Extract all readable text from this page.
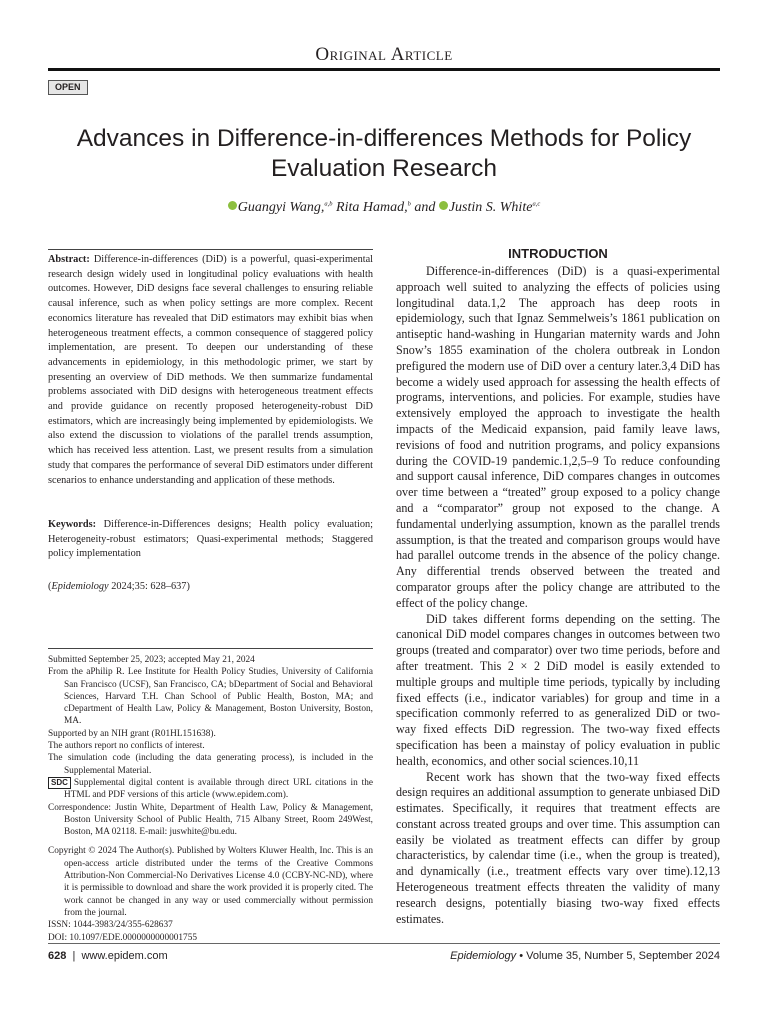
Original Article
OPEN
Advances in Difference-in-differences Methods for Policy Evaluation Research
Guangyi Wang,$^{a,b}$ Rita Hamad,$^b$ and Justin S. White$^{a,c}$

Abstract: Difference-in-differences (DiD) is a powerful, quasi-experimental research design widely used in longitudinal policy evaluations with health outcomes. However, DiD designs face several challenges to ensuring reliable causal inference, such as when policy settings are more complex. Recent economics literature has revealed that DiD estimators may exhibit bias when heterogeneous treatment effects, a common consequence of staggered policy implementation, are present. To deepen our understanding of these advancements in epidemiology, in this methodologic primer, we start by presenting an overview of DiD methods. We then summarize fundamental problems associated with DiD designs with heterogeneous treatment effects and provide guidance on recently proposed heterogeneity-robust DiD estimators, which are increasingly being implemented by epidemiologists. We also extend the discussion to violations of the parallel trends assumption, which has received less attention. Last, we present results from a simulation study that compares the performance of several DiD estimators under different scenarios to enhance understanding and application of these methods.

Keywords: Difference-in-Differences designs; Health policy evaluation; Heterogeneity-robust estimators; Quasi-experimental methods; Staggered policy implementation

(Epidemiology 2024;35: 628–637)

Submitted September 25, 2023; accepted May 21, 2024

From the aPhilip R. Lee Institute for Health Policy Studies, University of California San Francisco (UCSF), San Francisco, CA; bDepartment of Social and Behavioral Sciences, Harvard T.H. Chan School of Public Health, Boston, MA; and cDepartment of Health Law, Policy & Management, Boston University, Boston, MA.

Supported by an NIH grant (R01HL151638).

The authors report no conflicts of interest.

The simulation code (including the data generating process), is included in the Supplemental Material.

SDC Supplemental digital content is available through direct URL citations in the HTML and PDF versions of this article (www.epidem.com).

Correspondence: Justin White, Department of Health Law, Policy & Management, Boston University School of Public Health, 715 Albany Street, Room 249West, Boston, MA 02118. E-mail: juswhite@bu.edu.

Copyright © 2024 The Author(s). Published by Wolters Kluwer Health, Inc. This is an open-access article distributed under the terms of the Creative Commons Attribution-Non Commercial-No Derivatives License 4.0 (CCBY-NC-ND), where it is permissible to download and share the work provided it is properly cited. The work cannot be changed in any way or used commercially without permission from the journal.

ISSN: 1044-3983/24/355-628637

DOI: 10.1097/EDE.0000000000001755

INTRODUCTION

Difference-in-differences (DiD) is a quasi-experimental approach well suited to analyzing the effects of policies using longitudinal data.1,2 The approach has deep roots in epidemiology, such that Ignaz Semmelweis’s 1861 publication on antiseptic hand-washing in Hungarian maternity wards and John Snow’s 1855 examination of the cholera outbreak in London prefigured the modern use of DiD over a century later.3,4 DiD has become a widely used approach for assessing the health effects of programs, interventions, and policies. For example, studies have extensively employed the approach to investigate the health impacts of the Medicaid expansion, paid family leave laws, revisions of food and nutrition programs, and policy expansions during the COVID-19 pandemic.1,2,5–9 To reduce confounding and support causal inference, DiD compares changes in outcomes over time between a “treated” group exposed to a policy change and a “comparator” group not exposed to the change. A fundamental underlying assumption, known as the parallel trends assumption, is that the treated and comparison groups would have had parallel outcome trends in the absence of the policy change. Any differential trends observed between the treated and comparator groups after the policy change are attributed to the effect of the policy change.

DiD takes different forms depending on the setting. The canonical DiD model compares changes in outcomes between two groups (treated and comparator) over two time periods, before and after treatment. This 2 × 2 DiD model is easily extended to multiple groups and multiple time periods, typically by including fixed effects (i.e., indicator variables) for group and time in a specification commonly referred to as generalized DiD or two-way fixed effects DiD regression. The two-way fixed effects specification has been a mainstay of policy evaluation in public health, economics, and other social sciences.10,11

Recent work has shown that the two-way fixed effects design requires an additional assumption to generate unbiased DiD estimates. Specifically, it requires that treatment effects are constant across treated groups and over time. This assumption can easily be violated as treatment effects can differ by group characteristics, by calendar time (i.e., when the group is treated), and dynamically (i.e., treatment effects vary over time).12,13 Heterogeneous treatment effects threaten the validity of many research designs, potentially biasing two-way fixed effects estimates.

628  |  www.epidem.com	Epidemiology • Volume 35, Number 5, September 2024
